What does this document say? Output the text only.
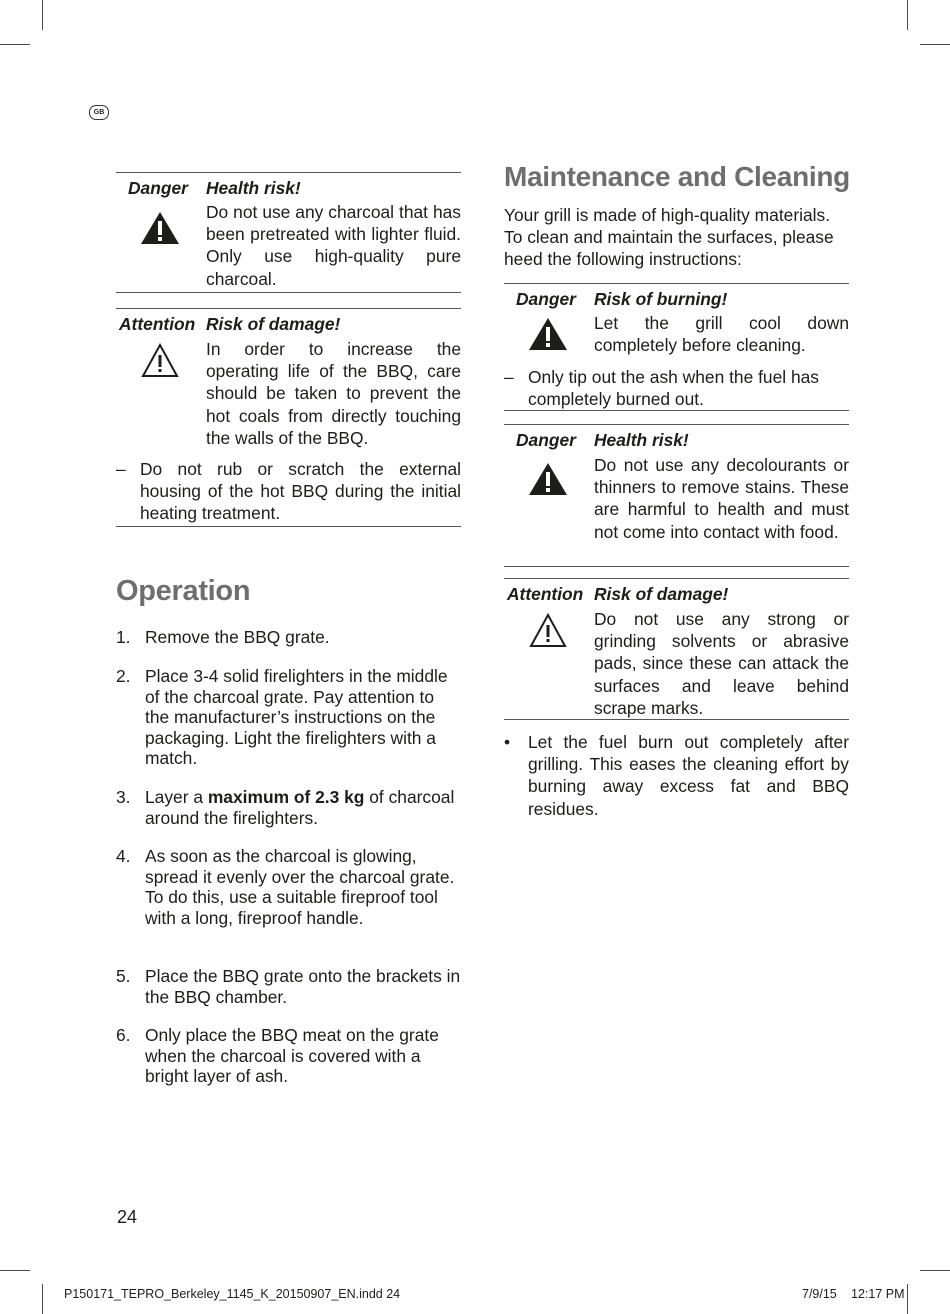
GB
Danger Health risk!
Do not use any charcoal that has been pretreated with lighter fluid. Only use high-quality pure charcoal.
Attention Risk of damage!
In order to increase the operating life of the BBQ, care should be taken to prevent the hot coals from directly touching the walls of the BBQ.
– Do not rub or scratch the external housing of the hot BBQ during the initial heating treatment.
Operation
1. Remove the BBQ grate.
2. Place 3-4 solid firelighters in the middle of the charcoal grate. Pay attention to the manufacturer’s instructions on the packaging. Light the firelighters with a match.
3. Layer a maximum of 2.3 kg of charcoal around the firelighters.
4. As soon as the charcoal is glowing, spread it evenly over the charcoal grate. To do this, use a suitable fireproof tool with a long, fireproof handle.
5. Place the BBQ grate onto the brackets in the BBQ chamber.
6. Only place the BBQ meat on the grate when the charcoal is covered with a bright layer of ash.
Maintenance and Cleaning
Your grill is made of high-quality materials. To clean and maintain the surfaces, please heed the following instructions:
Danger Risk of burning!
Let the grill cool down completely before cleaning.
– Only tip out the ash when the fuel has completely burned out.
Danger Health risk!
Do not use any decolourants or thinners to remove stains. These are harmful to health and must not come into contact with food.
Attention Risk of damage!
Do not use any strong or grinding solvents or abrasive pads, since these can attack the surfaces and leave behind scrape marks.
• Let the fuel burn out completely after grilling. This eases the cleaning effort by burning away excess fat and BBQ residues.
24
P150171_TEPRO_Berkeley_1145_K_20150907_EN.indd 24	7/9/15 12:17 PM
